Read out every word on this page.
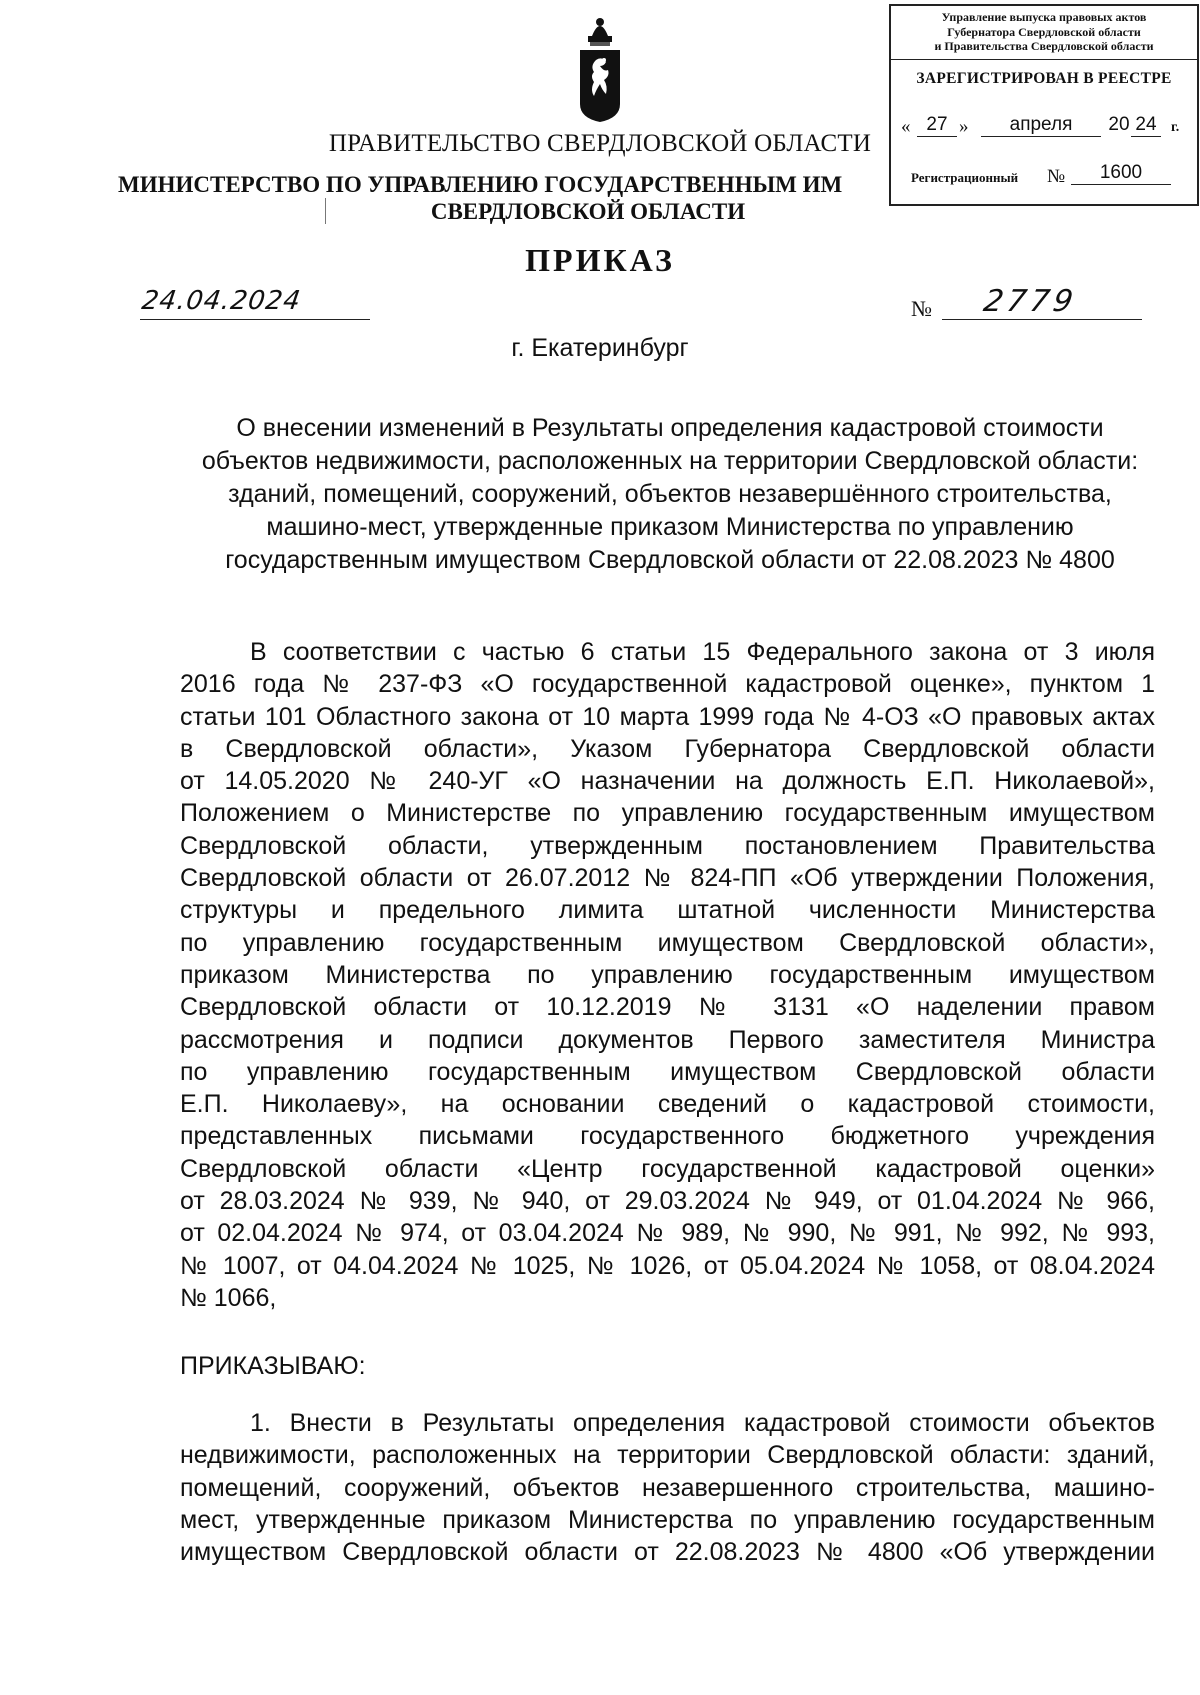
Управление выпуска правовых актов
Губернатора Свердловской области
и Правительства Свердловской области
ЗАРЕГИСТРИРОВАН В РЕЕСТРЕ
« 27 »	апреля	20 24	г.
Регистрационный №	1600
ПРАВИТЕЛЬСТВО СВЕРДЛОВСКОЙ ОБЛАСТИ
МИНИСТЕРСТВО ПО УПРАВЛЕНИЮ ГОСУДАРСТВЕННЫМ ИМ
СВЕРДЛОВСКОЙ ОБЛАСТИ
ПРИКАЗ
24.04.2024	№ 2779
г. Екатеринбург
О внесении изменений в Результаты определения кадастровой стоимости
объектов недвижимости, расположенных на территории Свердловской области:
зданий, помещений, сооружений, объектов незавершённого строительства,
машино-мест, утвержденные приказом Министерства по управлению
государственным имуществом Свердловской области от 22.08.2023 № 4800
В соответствии с частью 6 статьи 15 Федерального закона от 3 июля
2016 года № 237-ФЗ «О государственной кадастровой оценке», пунктом 1
статьи 101 Областного закона от 10 марта 1999 года № 4-ОЗ «О правовых актах
в Свердловской области», Указом Губернатора Свердловской области
от 14.05.2020 № 240-УГ «О назначении на должность Е.П. Николаевой»,
Положением о Министерстве по управлению государственным имуществом
Свердловской области, утвержденным постановлением Правительства
Свердловской области от 26.07.2012 № 824-ПП «Об утверждении Положения,
структуры и предельного лимита штатной численности Министерства
по управлению государственным имуществом Свердловской области»,
приказом Министерства по управлению государственным имуществом
Свердловской области от 10.12.2019 № 3131 «О наделении правом
рассмотрения и подписи документов Первого заместителя Министра
по управлению государственным имуществом Свердловской области
Е.П. Николаеву», на основании сведений о кадастровой стоимости,
представленных письмами государственного бюджетного учреждения
Свердловской области «Центр государственной кадастровой оценки»
от 28.03.2024 № 939, № 940, от 29.03.2024 № 949, от 01.04.2024 № 966,
от 02.04.2024 № 974, от 03.04.2024 № 989, № 990, № 991, № 992, № 993,
№ 1007, от 04.04.2024 № 1025, № 1026, от 05.04.2024 № 1058, от 08.04.2024
№ 1066,
ПРИКАЗЫВАЮ:
1. Внести в Результаты определения кадастровой стоимости объектов
недвижимости, расположенных на территории Свердловской области: зданий,
помещений, сооружений, объектов незавершенного строительства, машино-
мест, утвержденные приказом Министерства по управлению государственным
имуществом Свердловской области от 22.08.2023 № 4800 «Об утверждении
